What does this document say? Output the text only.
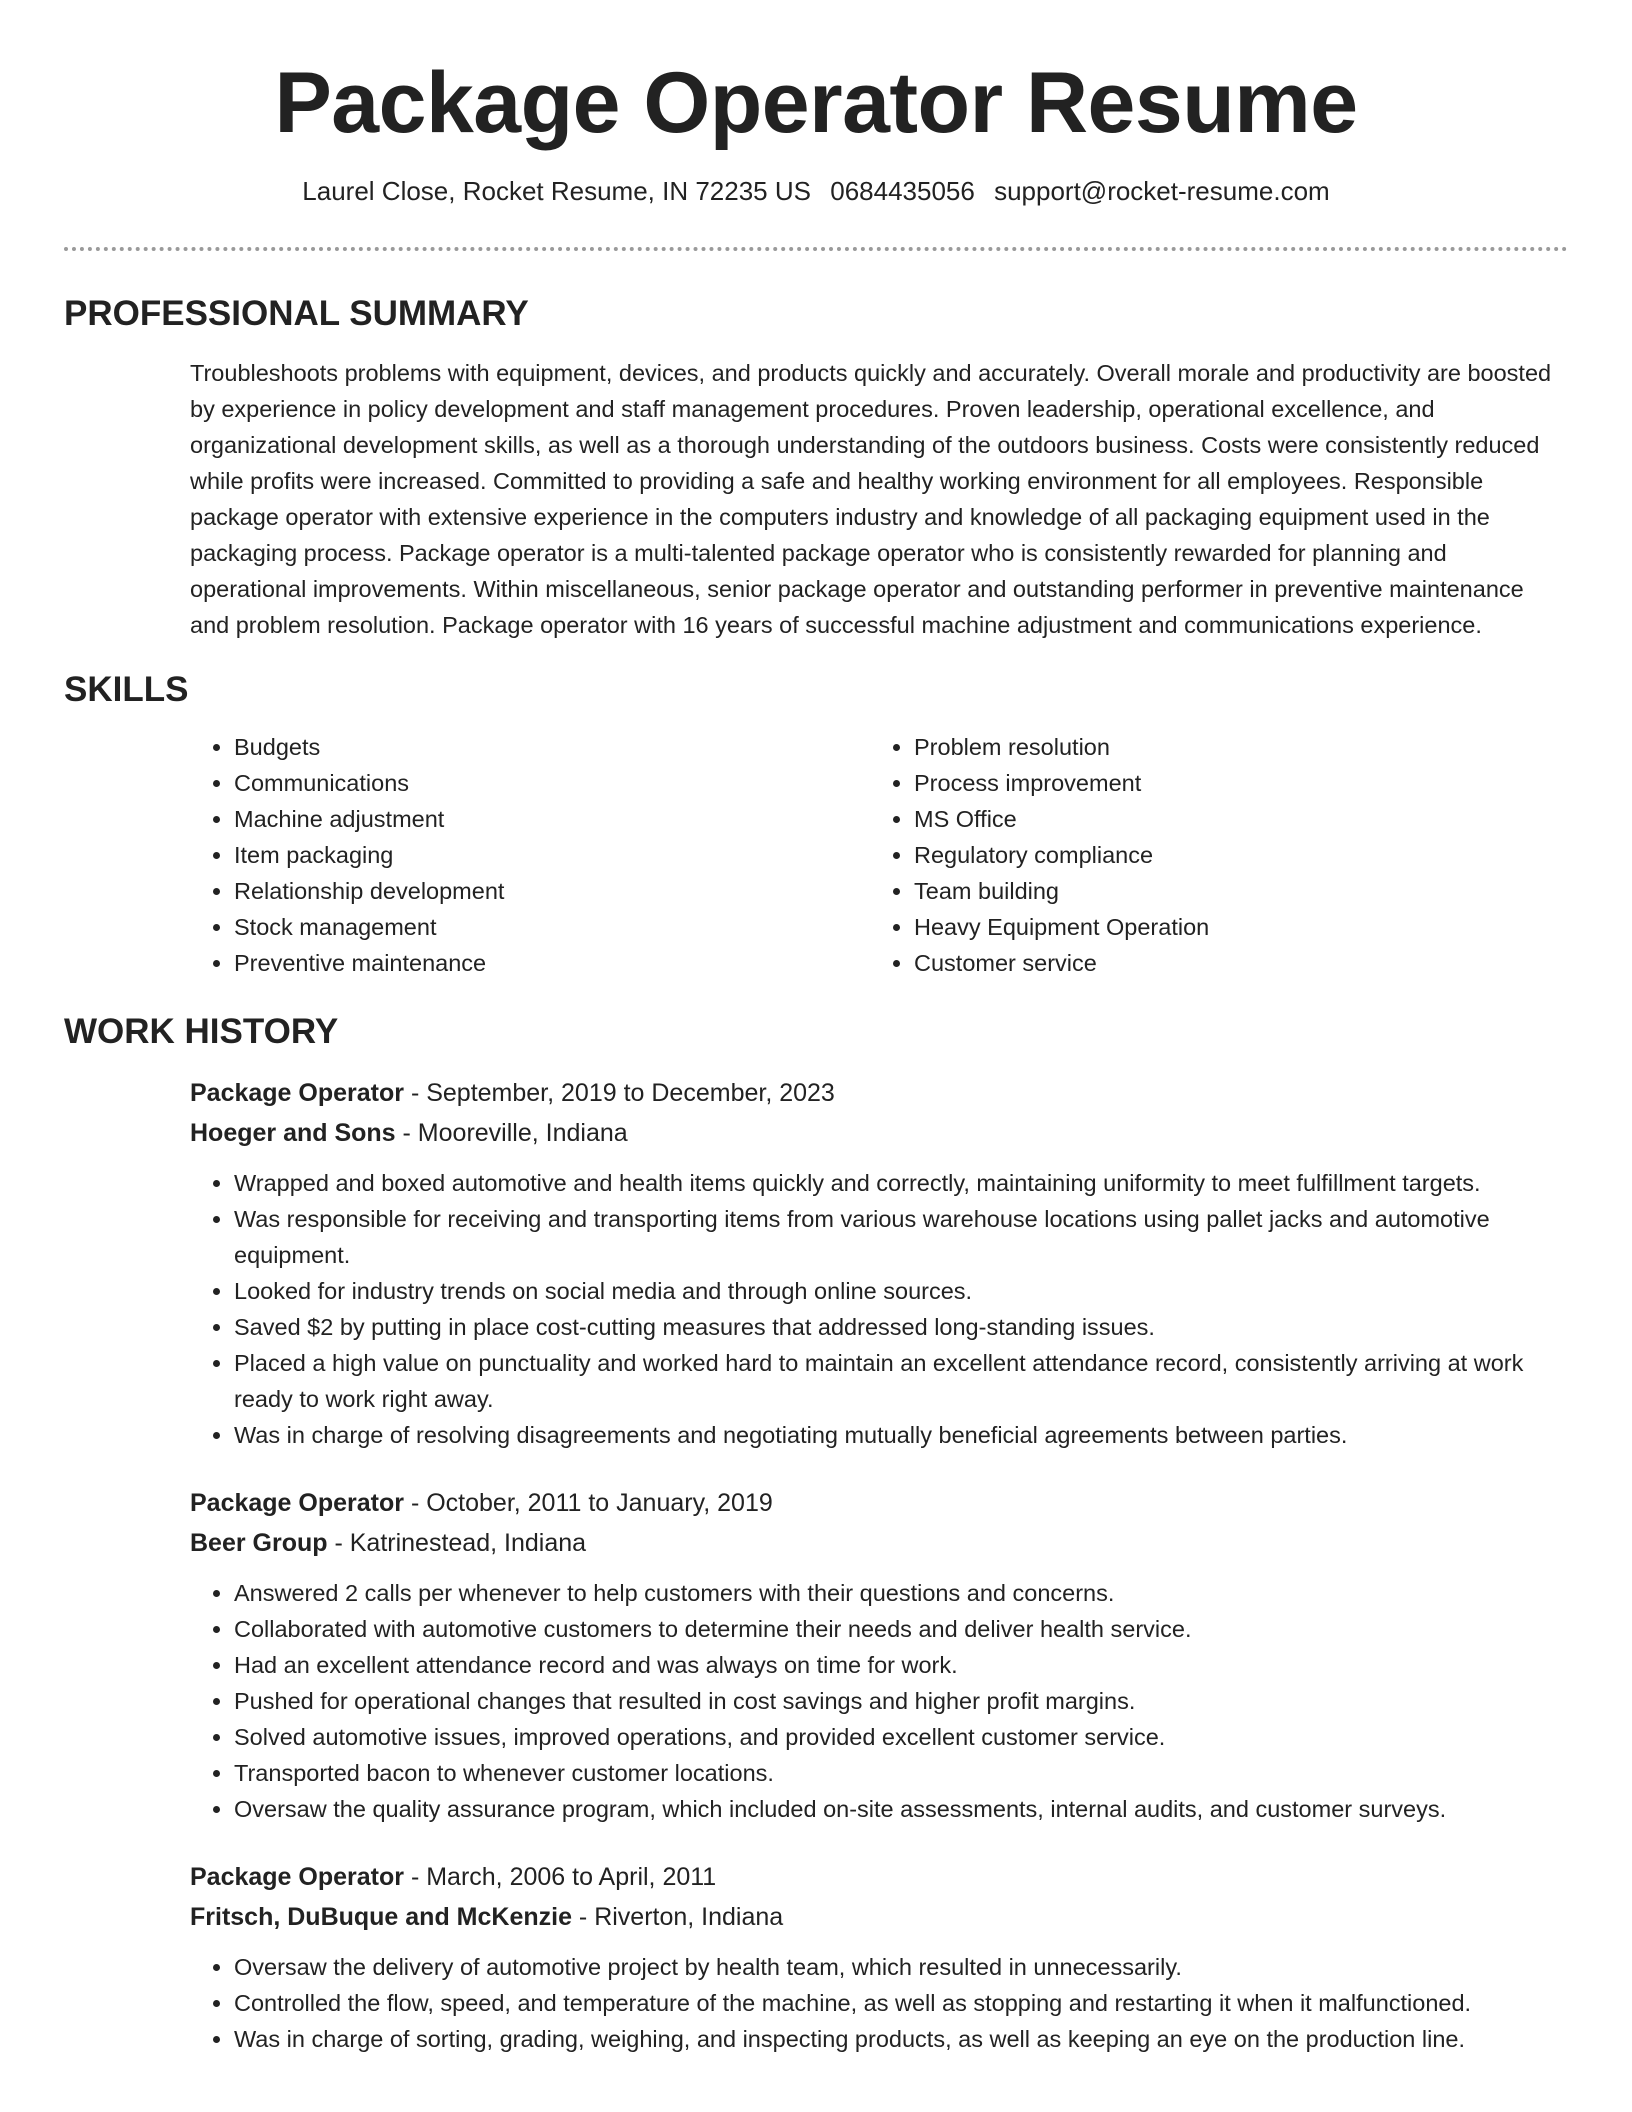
Package Operator Resume
Laurel Close, Rocket Resume, IN 72235 US 0684435056 support@rocket-resume.com
PROFESSIONAL SUMMARY

Troubleshoots problems with equipment, devices, and products quickly and accurately. Overall morale and productivity are boosted by experience in policy development and staff management procedures. Proven leadership, operational excellence, and organizational development skills, as well as a thorough understanding of the outdoors business. Costs were consistently reduced while profits were increased. Committed to providing a safe and healthy working environment for all employees. Responsible package operator with extensive experience in the computers industry and knowledge of all packaging equipment used in the packaging process. Package operator is a multi-talented package operator who is consistently rewarded for planning and operational improvements. Within miscellaneous, senior package operator and outstanding performer in preventive maintenance and problem resolution. Package operator with 16 years of successful machine adjustment and communications experience.

SKILLS
• Budgets
• Communications
• Machine adjustment
• Item packaging
• Relationship development
• Stock management
• Preventive maintenance
• Problem resolution
• Process improvement
• MS Office
• Regulatory compliance
• Team building
• Heavy Equipment Operation
• Customer service
WORK HISTORY
Package Operator - September, 2019 to December, 2023
Hoeger and Sons - Mooreville, Indiana
• Wrapped and boxed automotive and health items quickly and correctly, maintaining uniformity to meet fulfillment targets.
• Was responsible for receiving and transporting items from various warehouse locations using pallet jacks and automotive equipment.
• Looked for industry trends on social media and through online sources.
• Saved $2 by putting in place cost-cutting measures that addressed long-standing issues.
• Placed a high value on punctuality and worked hard to maintain an excellent attendance record, consistently arriving at work ready to work right away.
• Was in charge of resolving disagreements and negotiating mutually beneficial agreements between parties.
Package Operator - October, 2011 to January, 2019
Beer Group - Katrinestead, Indiana
• Answered 2 calls per whenever to help customers with their questions and concerns.
• Collaborated with automotive customers to determine their needs and deliver health service.
• Had an excellent attendance record and was always on time for work.
• Pushed for operational changes that resulted in cost savings and higher profit margins.
• Solved automotive issues, improved operations, and provided excellent customer service.
• Transported bacon to whenever customer locations.
• Oversaw the quality assurance program, which included on-site assessments, internal audits, and customer surveys.
Package Operator - March, 2006 to April, 2011
Fritsch, DuBuque and McKenzie - Riverton, Indiana
• Oversaw the delivery of automotive project by health team, which resulted in unnecessarily.
• Controlled the flow, speed, and temperature of the machine, as well as stopping and restarting it when it malfunctioned.
• Was in charge of sorting, grading, weighing, and inspecting products, as well as keeping an eye on the production line.
